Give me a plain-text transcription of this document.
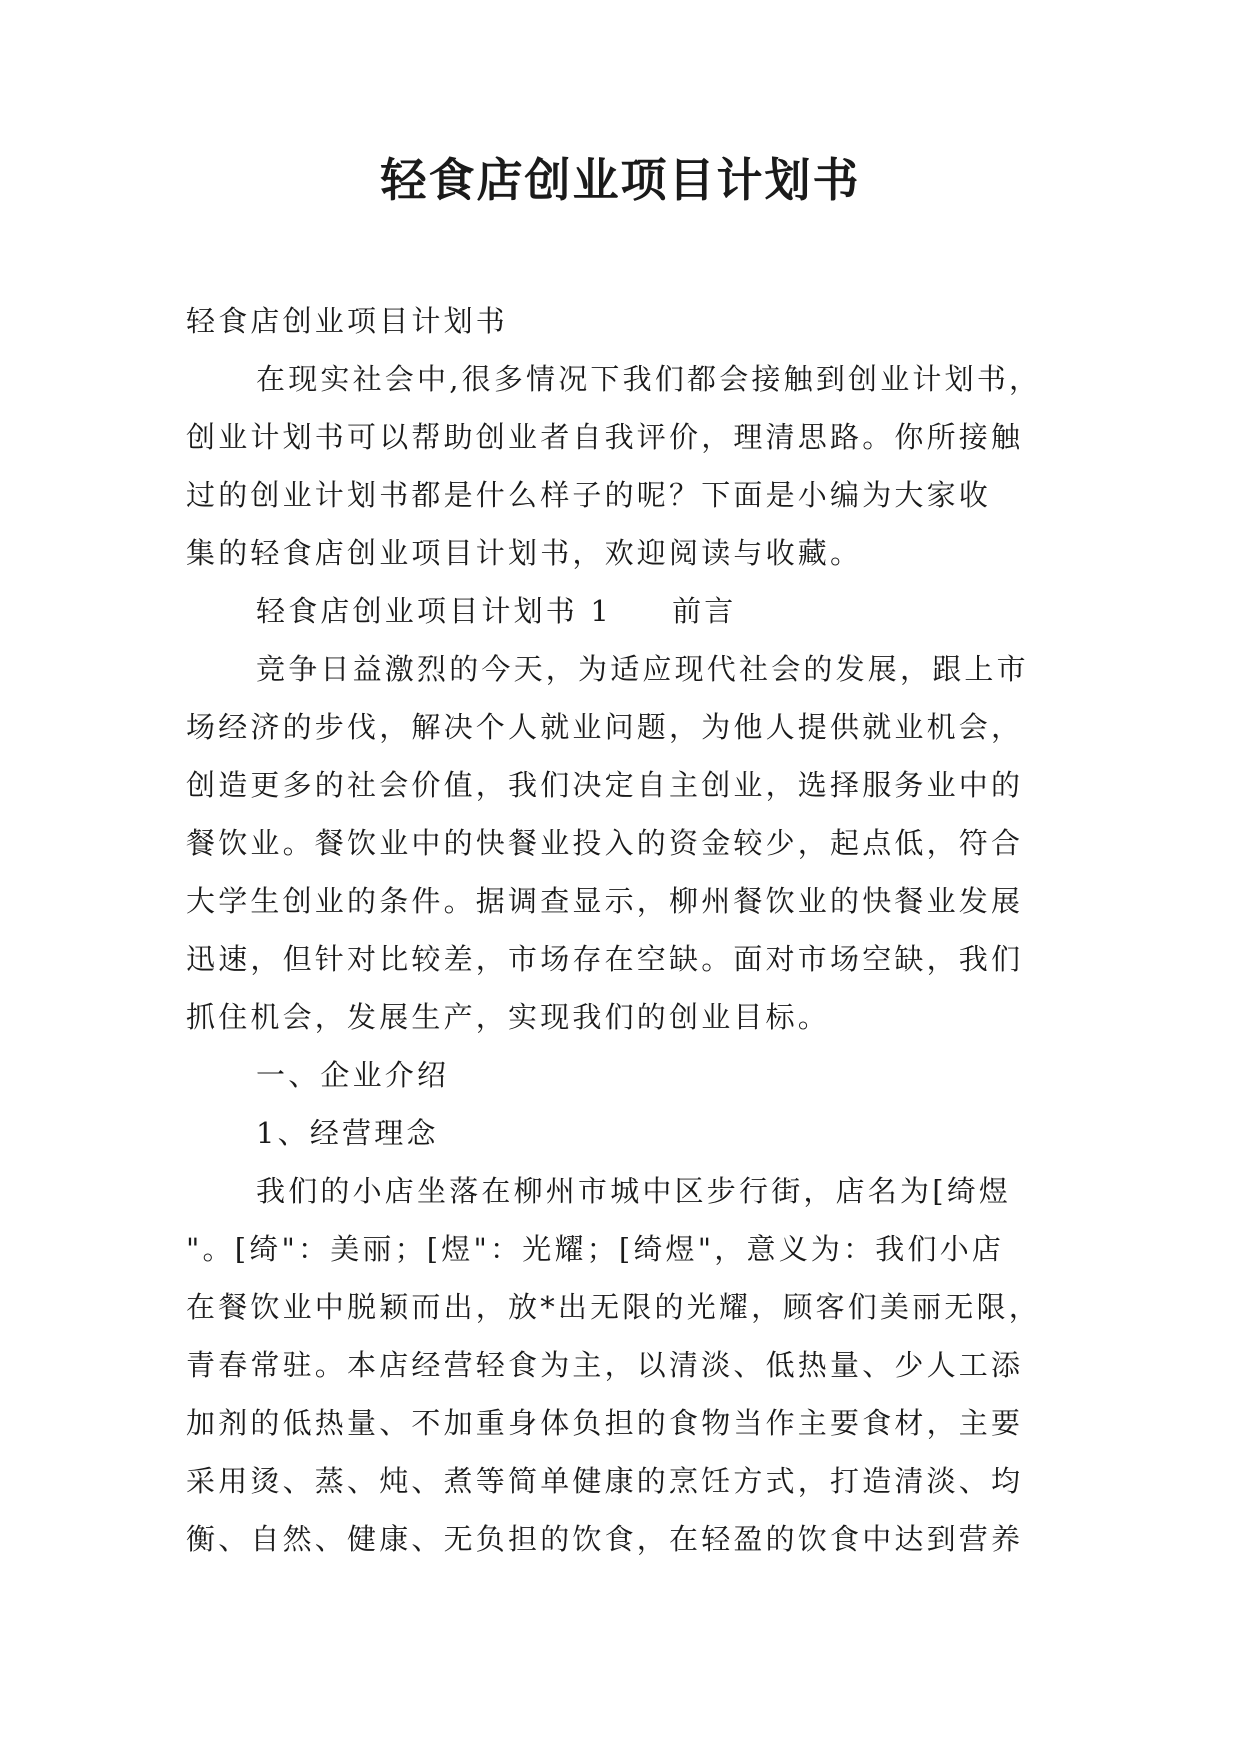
轻食店创业项目计划书
轻食店创业项目计划书
在现实社会中,很多情况下我们都会接触到创业计划书，
创业计划书可以帮助创业者自我评价，理清思路。你所接触
过的创业计划书都是什么样子的呢？下面是小编为大家收
集的轻食店创业项目计划书，欢迎阅读与收藏。
轻食店创业项目计划书 1 前言
竞争日益激烈的今天，为适应现代社会的发展，跟上市
场经济的步伐，解决个人就业问题，为他人提供就业机会，
创造更多的社会价值，我们决定自主创业，选择服务业中的
餐饮业。餐饮业中的快餐业投入的资金较少，起点低，符合
大学生创业的条件。据调查显示，柳州餐饮业的快餐业发展
迅速，但针对比较差，市场存在空缺。面对市场空缺，我们
抓住机会，发展生产，实现我们的创业目标。
一、企业介绍
1、经营理念
我们的小店坐落在柳州市城中区步行街，店名为[绮煜
"。[绮"：美丽；[煜"：光耀；[绮煜"，意义为：我们小店
在餐饮业中脱颖而出，放*出无限的光耀，顾客们美丽无限，
青春常驻。本店经营轻食为主，以清淡、低热量、少人工添
加剂的低热量、不加重身体负担的食物当作主要食材，主要
采用烫、蒸、炖、煮等简单健康的烹饪方式，打造清淡、均
衡、自然、健康、无负担的饮食，在轻盈的饮食中达到营养
